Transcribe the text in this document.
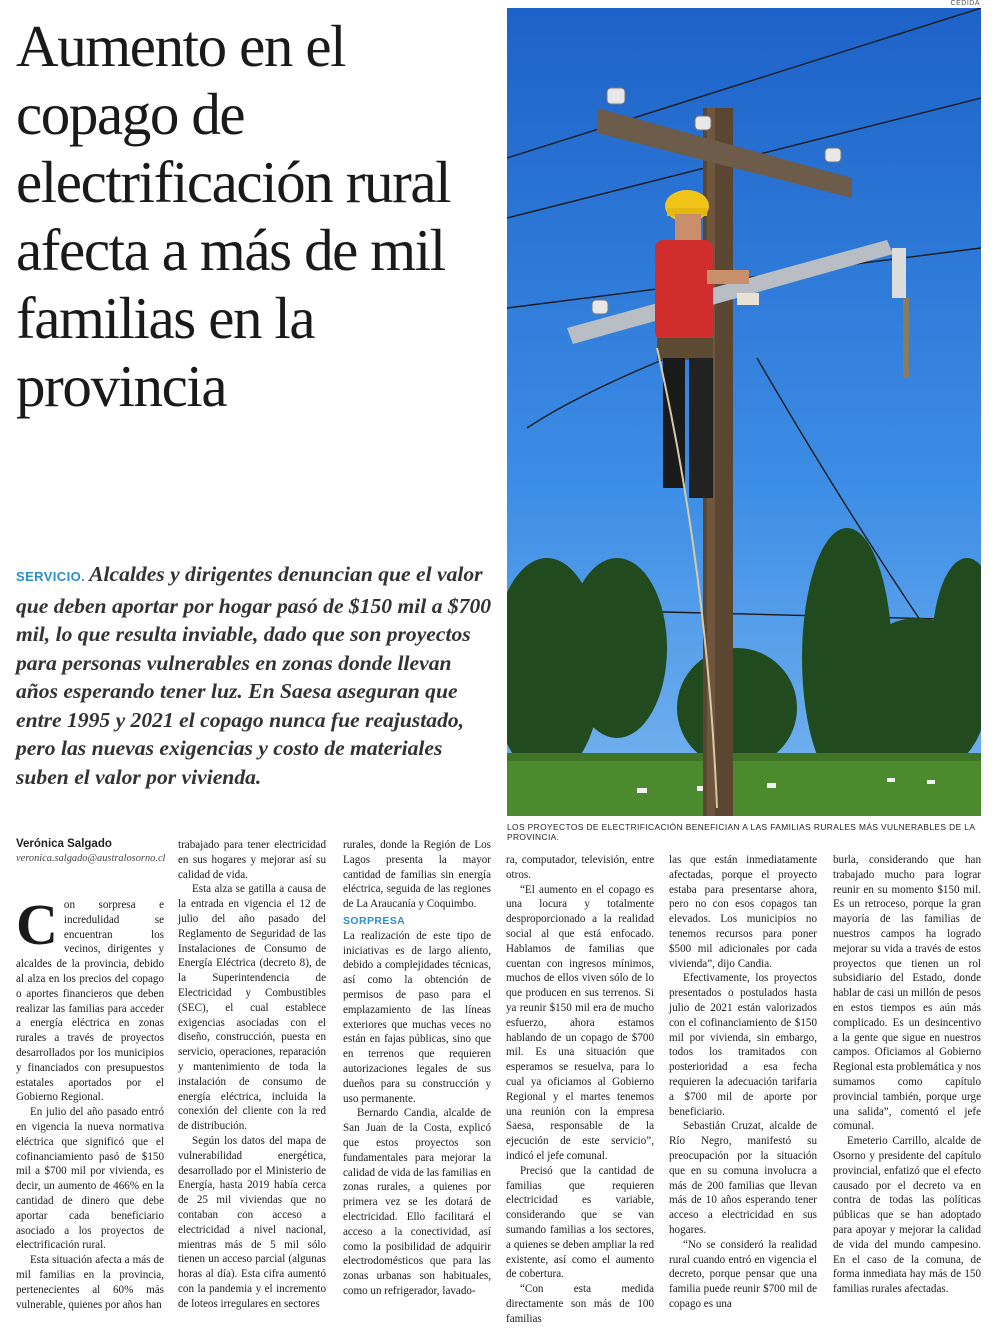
Aumento en el copago de electrificación rural afecta a más de mil familias en la provincia
SERVICIO. Alcaldes y dirigentes denuncian que el valor que deben aportar por hogar pasó de $150 mil a $700 mil, lo que resulta inviable, dado que son proyectos para personas vulnerables en zonas donde llevan años esperando tener luz. En Saesa aseguran que entre 1995 y 2021 el copago nunca fue reajustado, pero las nuevas exigencias y costo de materiales suben el valor por vivienda.
CEDIDA
LOS PROYECTOS DE ELECTRIFICACIÓN BENEFICIAN A LAS FAMILIAS RURALES MÁS VULNERABLES DE LA PROVINCIA.
Verónica Salgado
veronica.salgado@australosorno.cl

Con sorpresa e incredulidad se encuentran los vecinos, dirigentes y alcaldes de la provincia, debido al alza en los precios del copago o aportes financieros que deben realizar las familias para acceder a energía eléctrica en zonas rurales a través de proyectos desarrollados por los municipios y financiados con presupuestos estatales aportados por el Gobierno Regional.

En julio del año pasado entró en vigencia la nueva normativa eléctrica que significó que el cofinanciamiento pasó de $150 mil a $700 mil por vivienda, es decir, un aumento de 466% en la cantidad de dinero que debe aportar cada beneficiario asociado a los proyectos de electrificación rural.

Esta situación afecta a más de mil familias en la provincia, pertenecientes al 60% más vulnerable, quienes por años han

trabajado para tener electricidad en sus hogares y mejorar así su calidad de vida.

Esta alza se gatilla a causa de la entrada en vigencia el 12 de julio del año pasado del Reglamento de Seguridad de las Instalaciones de Consumo de Energía Eléctrica (decreto 8), de la Superintendencia de Electricidad y Combustibles (SEC), el cual establece exigencias asociadas con el diseño, construcción, puesta en servicio, operaciones, reparación y mantenimiento de toda la instalación de consumo de energía eléctrica, incluida la conexión del cliente con la red de distribución.

Según los datos del mapa de vulnerabilidad energética, desarrollado por el Ministerio de Energía, hasta 2019 había cerca de 25 mil viviendas que no contaban con acceso a electricidad a nivel nacional, mientras más de 5 mil sólo tienen un acceso parcial (algunas horas al día). Esta cifra aumentó con la pandemia y el incremento de loteos irregulares en sectores

rurales, donde la Región de Los Lagos presenta la mayor cantidad de familias sin energía eléctrica, seguida de las regiones de La Araucanía y Coquimbo.

SORPRESA

La realización de este tipo de iniciativas es de largo aliento, debido a complejidades técnicas, así como la obtención de permisos de paso para el emplazamiento de las líneas exteriores que muchas veces no están en fajas públicas, sino que en terrenos que requieren autorizaciones legales de sus dueños para su construcción y uso permanente.

Bernardo Candia, alcalde de San Juan de la Costa, explicó que estos proyectos son fundamentales para mejorar la calidad de vida de las familias en zonas rurales, a quienes por primera vez se les dotará de electricidad. Ello facilitará el acceso a la conectividad, así como la posibilidad de adquirir electrodomésticos que para las zonas urbanas son habituales, como un refrigerador, lavado-

ra, computador, televisión, entre otros.

“El aumento en el copago es una locura y totalmente desproporcionado a la realidad social al que está enfocado. Hablamos de familias que cuentan con ingresos mínimos, muchos de ellos viven sólo de lo que producen en sus terrenos. Si ya reunir $150 mil era de mucho esfuerzo, ahora estamos hablando de un copago de $700 mil. Es una situación que esperamos se resuelva, para lo cual ya oficiamos al Gobierno Regional y el martes tenemos una reunión con la empresa Saesa, responsable de la ejecución de este servicio”, indicó el jefe comunal.

Precisó que la cantidad de familias que requieren electricidad es variable, considerando que se van sumando familias a los sectores, a quienes se deben ampliar la red existente, así como el aumento de cobertura.

“Con esta medida directamente son más de 100 familias

las que están inmediatamente afectadas, porque el proyecto estaba para presentarse ahora, pero no con esos copagos tan elevados. Los municipios no tenemos recursos para poner $500 mil adicionales por cada vivienda”, dijo Candia.

Efectivamente, los proyectos presentados o postulados hasta julio de 2021 están valorizados con el cofinanciamiento de $150 mil por vivienda, sin embargo, todos los tramitados con posterioridad a esa fecha requieren la adecuación tarifaria a $700 mil de aporte por beneficiario.

Sebastián Cruzat, alcalde de Río Negro, manifestó su preocupación por la situación que en su comuna involucra a más de 200 familias que llevan más de 10 años esperando tener acceso a electricidad en sus hogares.

“No se consideró la realidad rural cuando entró en vigencia el decreto, porque pensar que una familia puede reunir $700 mil de copago es una

burla, considerando que han trabajado mucho para lograr reunir en su momento $150 mil. Es un retroceso, porque la gran mayoría de las familias de nuestros campos ha logrado mejorar su vida a través de estos proyectos que tienen un rol subsidiario del Estado, donde hablar de casi un millón de pesos en estos tiempos es aún más complicado. Es un desincentivo a la gente que sigue en nuestros campos. Oficiamos al Gobierno Regional esta problemática y nos sumamos como capítulo provincial también, porque urge una salida”, comentó el jefe comunal.

Emeterio Carrillo, alcalde de Osorno y presidente del capítulo provincial, enfatizó que el efecto causado por el decreto va en contra de todas las políticas públicas que se han adoptado para apoyar y mejorar la calidad de vida del mundo campesino. En el caso de la comuna, de forma inmediata hay más de 150 familias rurales afectadas.
